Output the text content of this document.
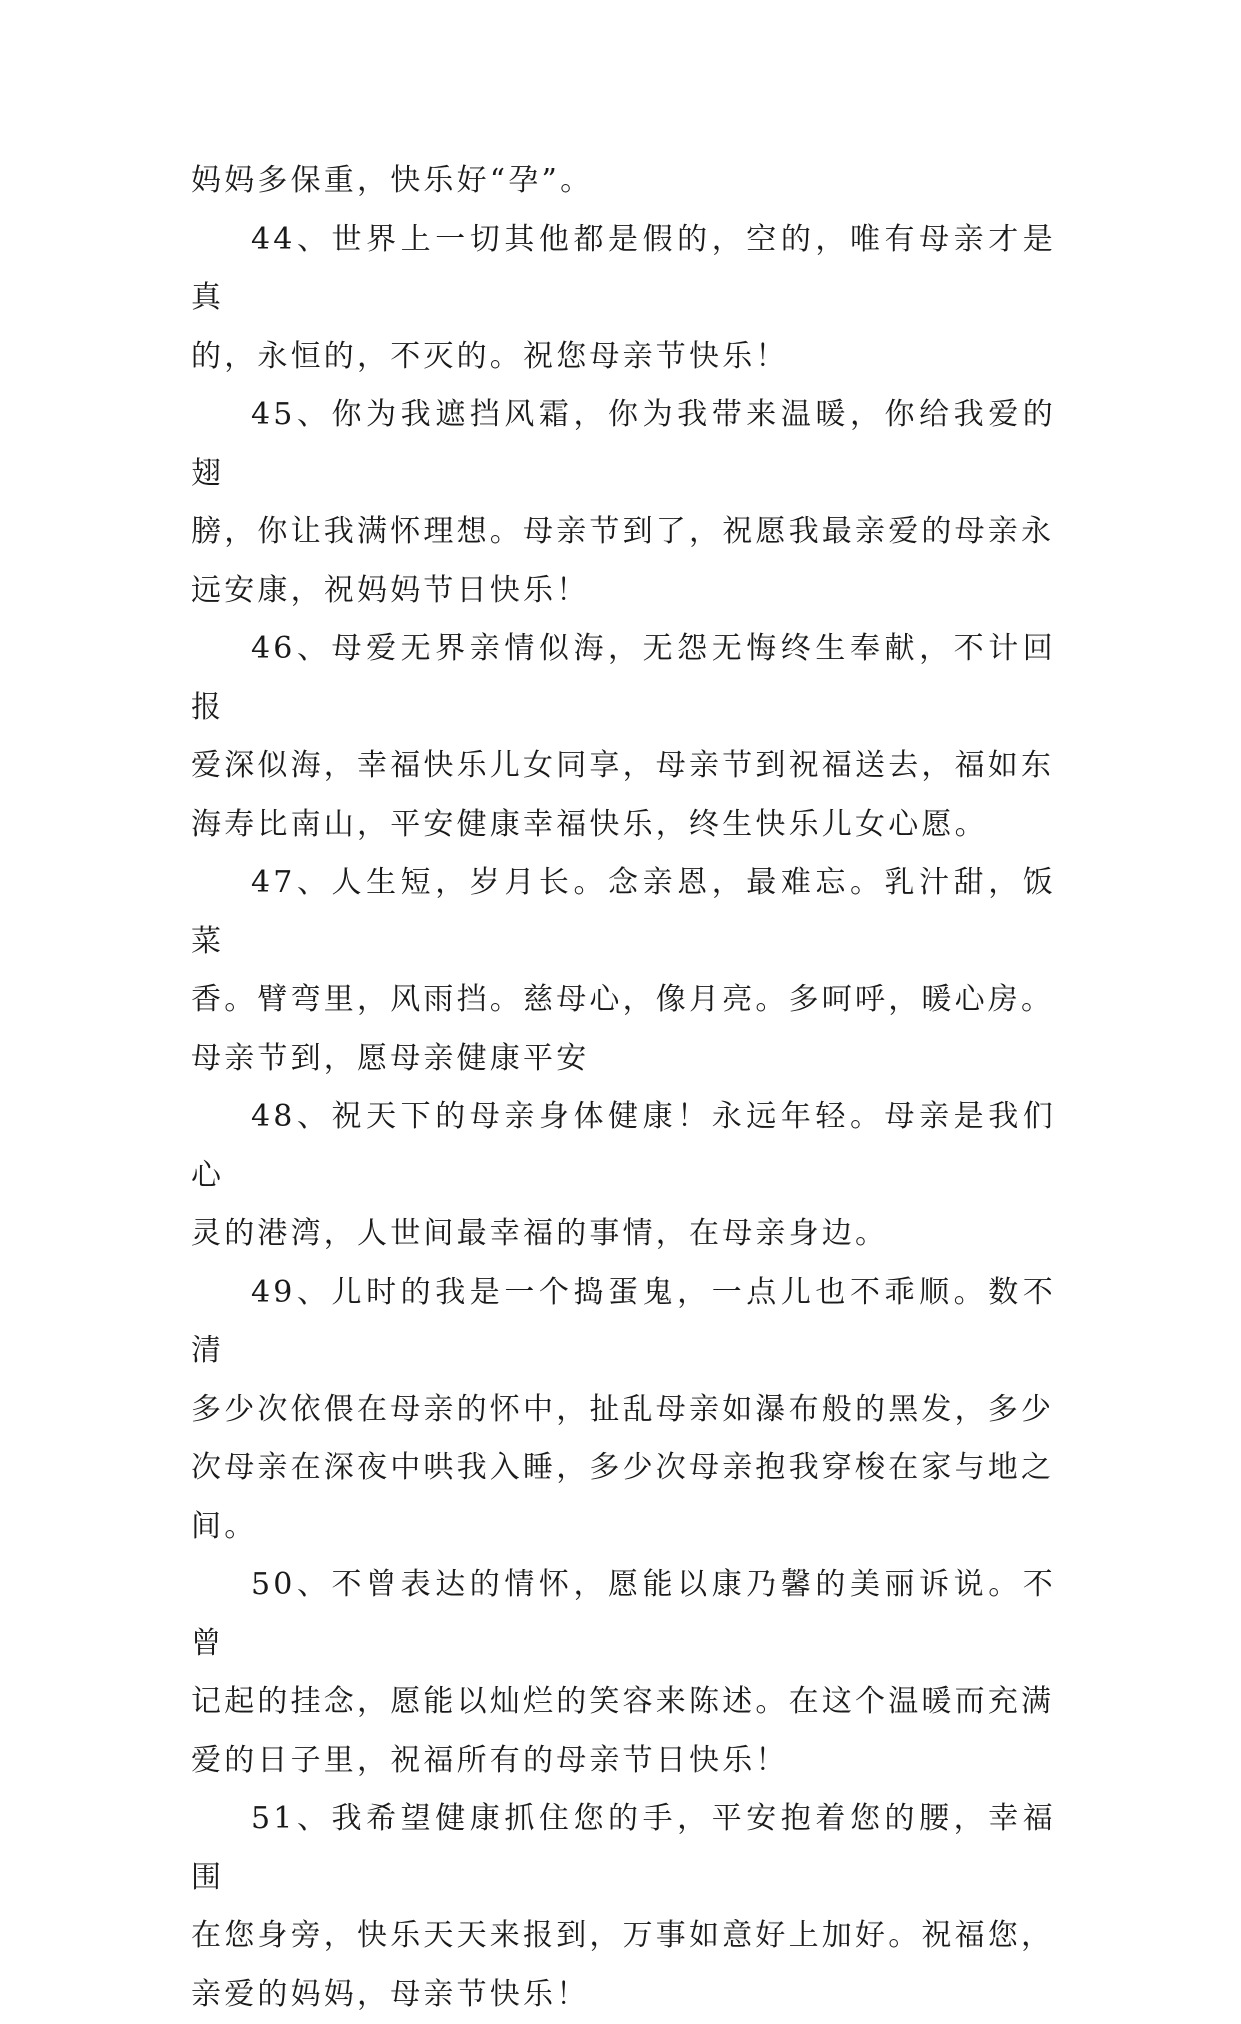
妈妈多保重，快乐好“孕”。

44、世界上一切其他都是假的，空的，唯有母亲才是真
的，永恒的，不灭的。祝您母亲节快乐！

45、你为我遮挡风霜，你为我带来温暖，你给我爱的翅
膀，你让我满怀理想。母亲节到了，祝愿我最亲爱的母亲永
远安康，祝妈妈节日快乐！

46、母爱无界亲情似海，无怨无悔终生奉献，不计回报
爱深似海，幸福快乐儿女同享，母亲节到祝福送去，福如东
海寿比南山，平安健康幸福快乐，终生快乐儿女心愿。

47、人生短，岁月长。念亲恩，最难忘。乳汁甜，饭菜
香。臂弯里，风雨挡。慈母心，像月亮。多呵呼，暖心房。
母亲节到，愿母亲健康平安

48、祝天下的母亲身体健康！永远年轻。母亲是我们心
灵的港湾，人世间最幸福的事情，在母亲身边。

49、儿时的我是一个捣蛋鬼，一点儿也不乖顺。数不清
多少次依偎在母亲的怀中，扯乱母亲如瀑布般的黑发，多少
次母亲在深夜中哄我入睡，多少次母亲抱我穿梭在家与地之
间。

50、不曾表达的情怀，愿能以康乃馨的美丽诉说。不曾
记起的挂念，愿能以灿烂的笑容来陈述。在这个温暖而充满
爱的日子里，祝福所有的母亲节日快乐！

51、我希望健康抓住您的手，平安抱着您的腰，幸福围
在您身旁，快乐天天来报到，万事如意好上加好。祝福您，
亲爱的妈妈，母亲节快乐！
